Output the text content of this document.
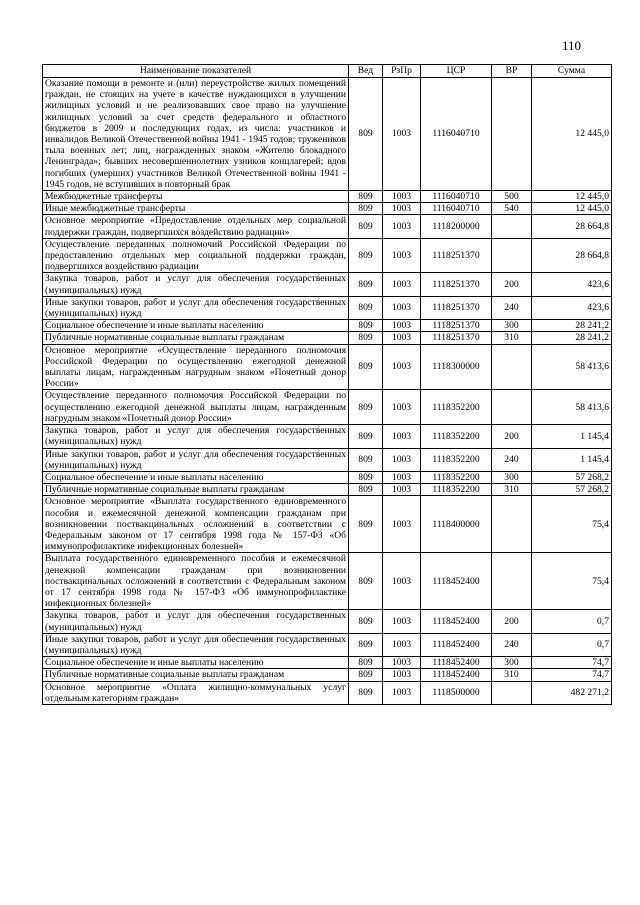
110
Наименование показателей	Вед	РзПр	ЦСР	ВР	Сумма
Оказание помощи в ремонте и (или) переустройстве жилых помещений граждан, не стоящих на учете в качестве нуждающихся в улучшении жилищных условий и не реализовавших свое право на улучшение жилищных условий за счет средств федерального и областного бюджетов в 2009 и последующих годах, из числа: участников и инвалидов Великой Отечественной войны 1941 - 1945 годов; тружеников тыла военных лет; лиц, награжденных знаком «Жителю блокадного Ленинграда»; бывших несовершеннолетних узников концлагерей; вдов погибших (умерших) участников Великой Отечественной войны 1941 - 1945 годов, не вступивших в повторный брак	809	1003	1116040710		12 445,0
Межбюджетные трансферты	809	1003	1116040710	500	12 445,0
Иные межбюджетные трансферты	809	1003	1116040710	540	12 445,0
Основное мероприятие «Предоставление отдельных мер социальной поддержки граждан, подвергшихся воздействию радиации»	809	1003	1118200000		28 664,8
Осуществление переданных полномочий Российской Федерации по предоставлению отдельных мер социальной поддержки граждан, подвергшихся воздействию радиации	809	1003	1118251370		28 664,8
Закупка товаров, работ и услуг для обеспечения государственных (муниципальных) нужд	809	1003	1118251370	200	423,6
Иные закупки товаров, работ и услуг для обеспечения государственных (муниципальных) нужд	809	1003	1118251370	240	423,6
Социальное обеспечение и иные выплаты населению	809	1003	1118251370	300	28 241,2
Публичные нормативные социальные выплаты гражданам	809	1003	1118251370	310	28 241,2
Основное мероприятие «Осуществление переданного полномочия Российской Федерации по осуществлению ежегодной денежной выплаты лицам, награжденным нагрудным знаком «Почетный донор России»	809	1003	1118300000		58 413,6
Осуществление переданного полномочия Российской Федерации по осуществлению ежегодной денежной выплаты лицам, награжденным нагрудным знаком «Почетный донор России»	809	1003	1118352200		58 413,6
Закупка товаров, работ и услуг для обеспечения государственных (муниципальных) нужд	809	1003	1118352200	200	1 145,4
Иные закупки товаров, работ и услуг для обеспечения государственных (муниципальных) нужд	809	1003	1118352200	240	1 145,4
Социальное обеспечение и иные выплаты населению	809	1003	1118352200	300	57 268,2
Публичные нормативные социальные выплаты гражданам	809	1003	1118352200	310	57 268,2
Основное мероприятие «Выплата государственного единовременного пособия и ежемесячной денежной компенсации гражданам при возникновении поствакцинальных осложнений в соответствии с Федеральным законом от 17 сентября 1998 года № 157-ФЗ «Об иммунопрофилактике инфекционных болезней»	809	1003	1118400000		75,4
Выплата государственного единовременного пособия и ежемесячной денежной компенсации гражданам при возникновении поствакцинальных осложнений в соответствии с Федеральным законом от 17 сентября 1998 года № 157-ФЗ «Об иммунопрофилактике инфекционных болезней»	809	1003	1118452400		75,4
Закупка товаров, работ и услуг для обеспечения государственных (муниципальных) нужд	809	1003	1118452400	200	0,7
Иные закупки товаров, работ и услуг для обеспечения государственных (муниципальных) нужд	809	1003	1118452400	240	0,7
Социальное обеспечение и иные выплаты населению	809	1003	1118452400	300	74,7
Публичные нормативные социальные выплаты гражданам	809	1003	1118452400	310	74,7
Основное мероприятие «Оплата жилищно-коммунальных услуг отдельным категориям граждан»	809	1003	1118500000		482 271,2
